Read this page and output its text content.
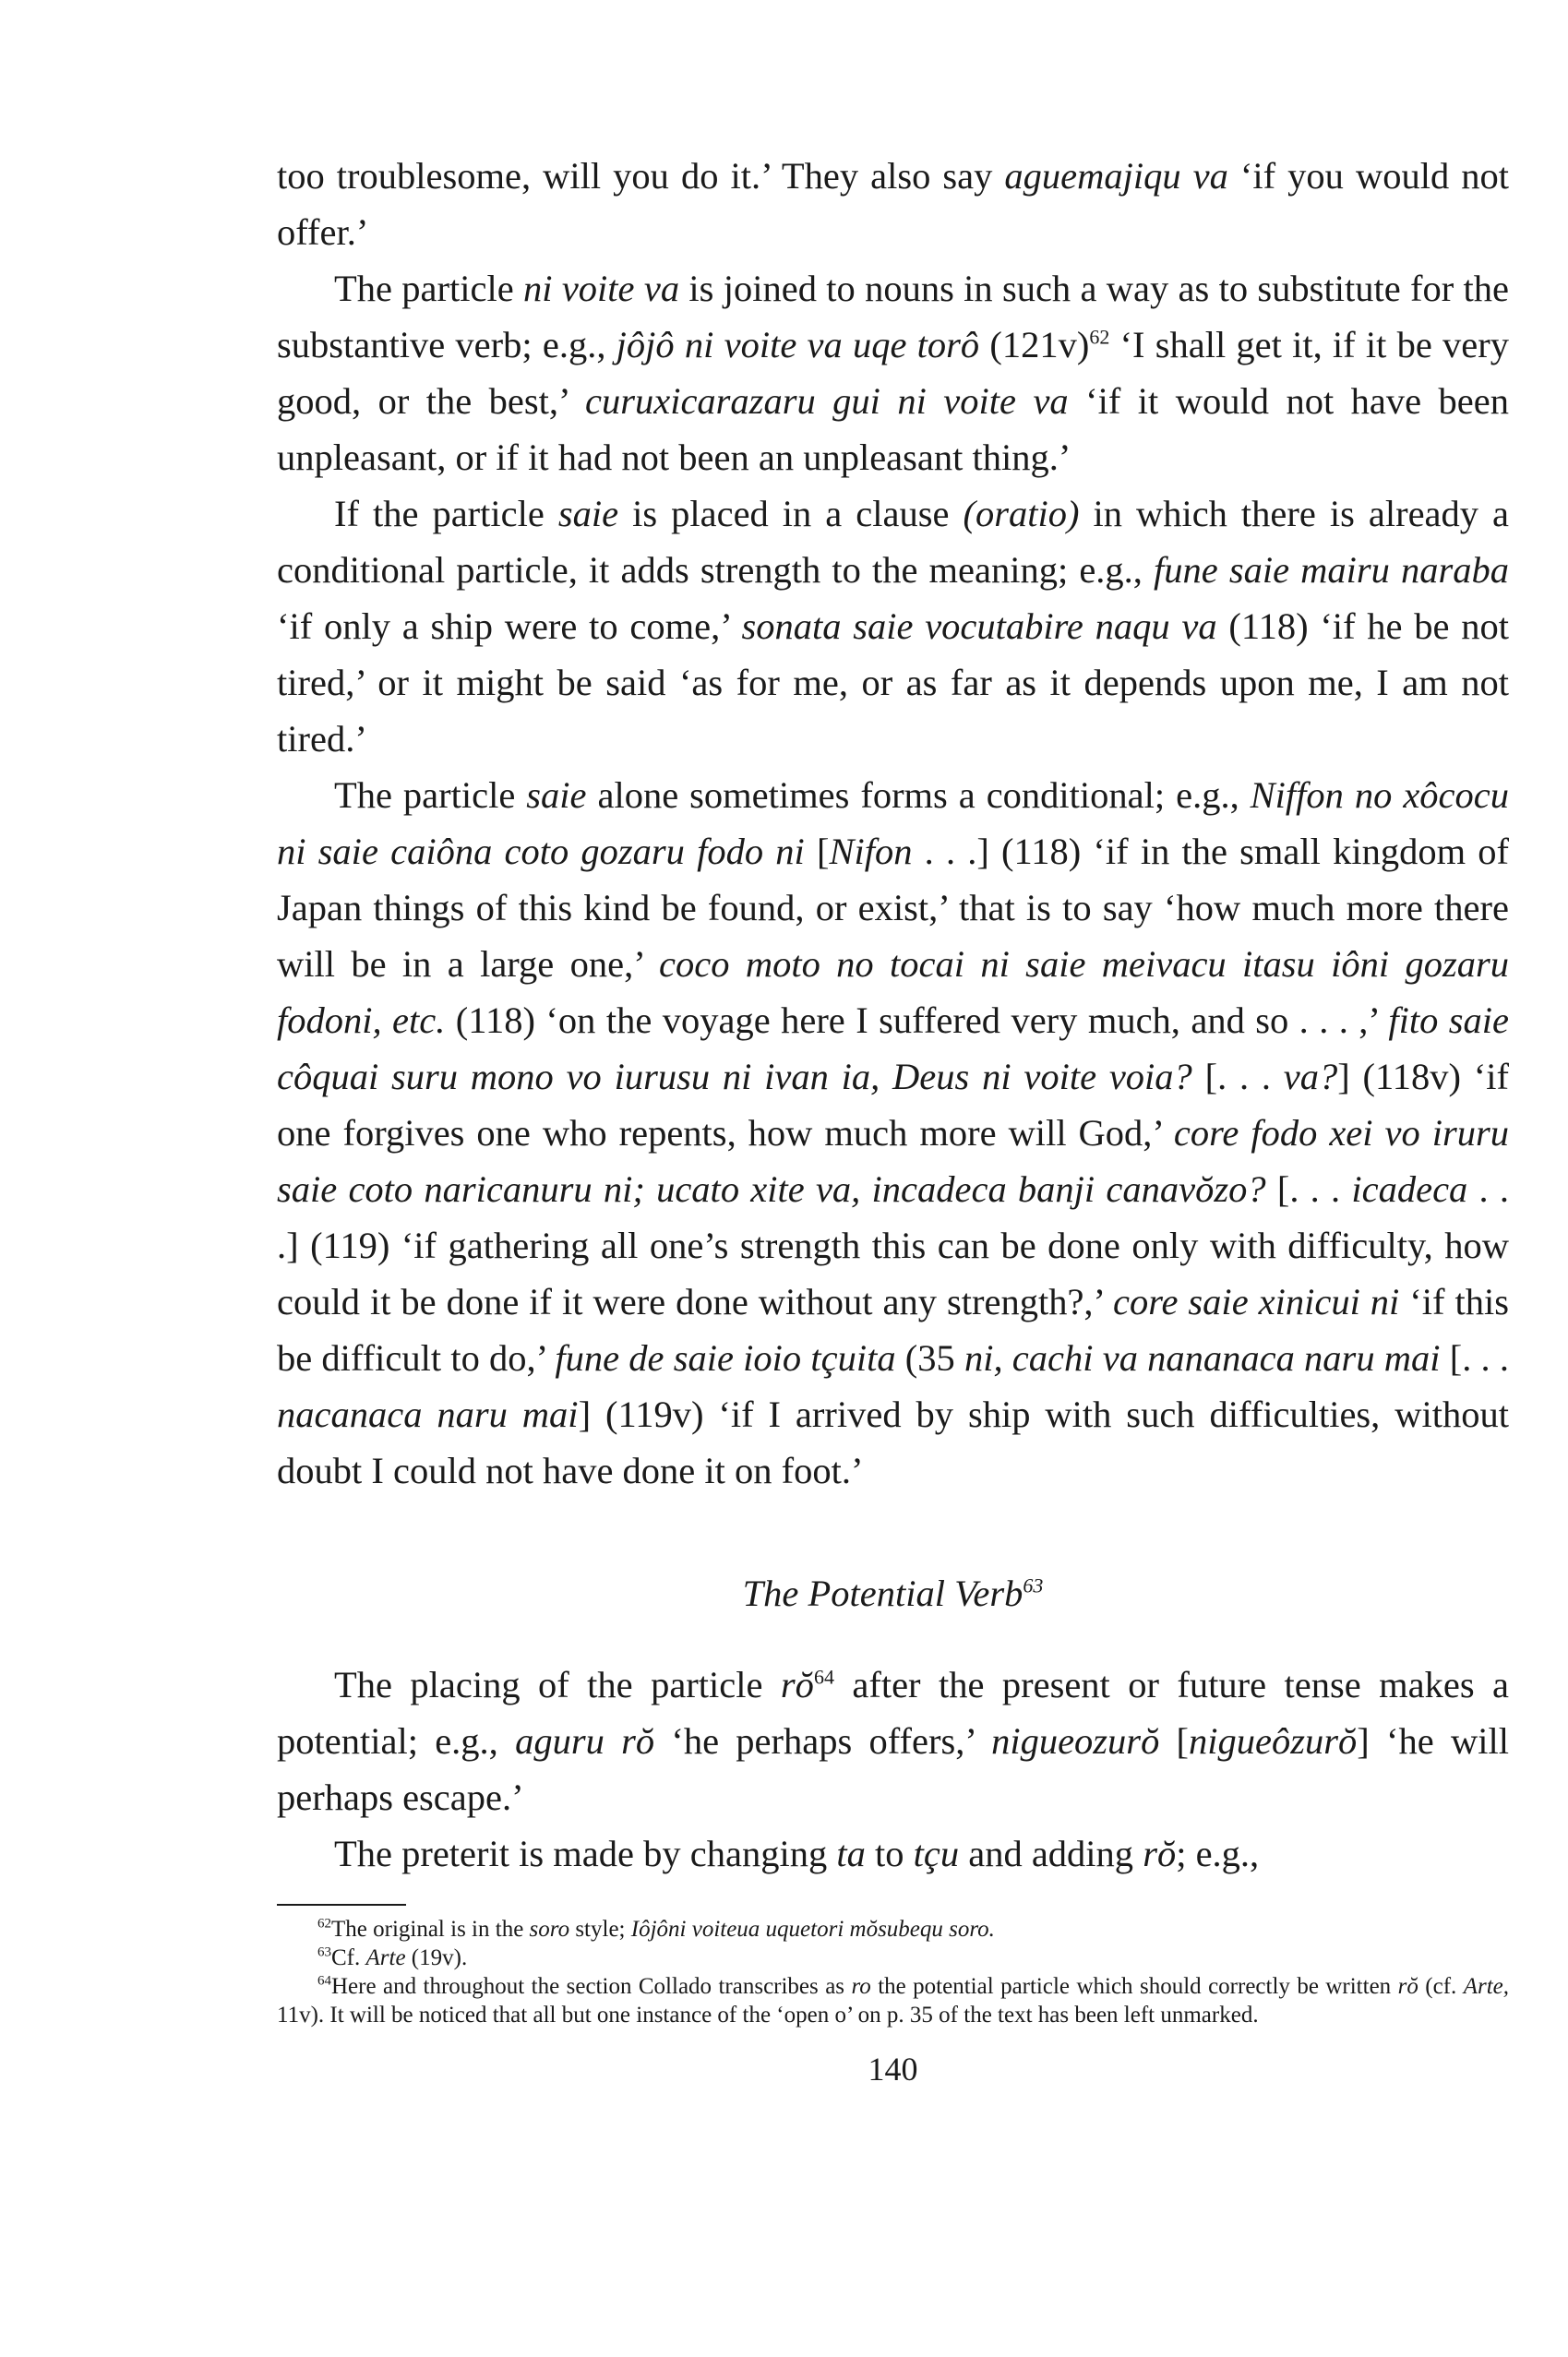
too troublesome, will you do it.’ They also say aguemajiqu va ‘if you would not offer.’

The particle ni voite va is joined to nouns in such a way as to substitute for the substantive verb; e.g., jôjô ni voite va uqe torô $(121v)^{62}$ ‘I shall get it, if it be very good, or the best,’ curuxicarazaru gui ni voite va ‘if it would not have been unpleasant, or if it had not been an unpleasant thing.’

If the particle saie is placed in a clause (oratio) in which there is already a conditional particle, it adds strength to the meaning; e.g., fune saie mairu naraba ‘if only a ship were to come,’ sonata saie vocutabire naqu va (118) ‘if he be not tired,’ or it might be said ‘as for me, or as far as it depends upon me, I am not tired.’

The particle saie alone sometimes forms a conditional; e.g., Niffon no xôcocu ni saie caiôna coto gozaru fodo ni [Nifon . . .] (118) ‘if in the small kingdom of Japan things of this kind be found, or exist,’ that is to say ‘how much more there will be in a large one,’ coco moto no tocai ni saie meivacu itasu iôni gozaru fodoni, etc. (118) ‘on the voyage here I suffered very much, and so . . . ,’ fito saie côquai suru mono vo iurusu ni ivan ia, Deus ni voite voia? [. . . va?] (118v) ‘if one forgives one who repents, how much more will God,’ core fodo xei vo iruru saie coto naricanuru ni; ucato xite va, incadeca banji canavŏzo? [. . . icadeca . . .] (119) ‘if gathering all one’s strength this can be done only with difficulty, how could it be done if it were done without any strength?,’ core saie xinicui ni ‘if this be difficult to do,’ fune de saie ioio tçuita (35 ni, cachi va nananaca naru mai [. . . nacanaca naru mai] (119v) ‘if I arrived by ship with such difficulties, without doubt I could not have done it on foot.’

The Potential Verb$^{63}$

The placing of the particle $rŏ^{64}$ after the present or future tense makes a potential; e.g., aguru rŏ ‘he perhaps offers,’ nigueozurŏ [niguеôzurŏ] ‘he will perhaps escape.’

The preterit is made by changing ta to tçu and adding rŏ; e.g.,

$^{62}$The original is in the soro style; Iôjôni voiteua uquetori mŏsubequ soro.

$^{63}$Cf. Arte (19v).

$^{64}$Here and throughout the section Collado transcribes as ro the potential particle which should correctly be written rŏ (cf. Arte, 11v). It will be noticed that all but one instance of the ‘open o’ on p. 35 of the text has been left unmarked.

140
